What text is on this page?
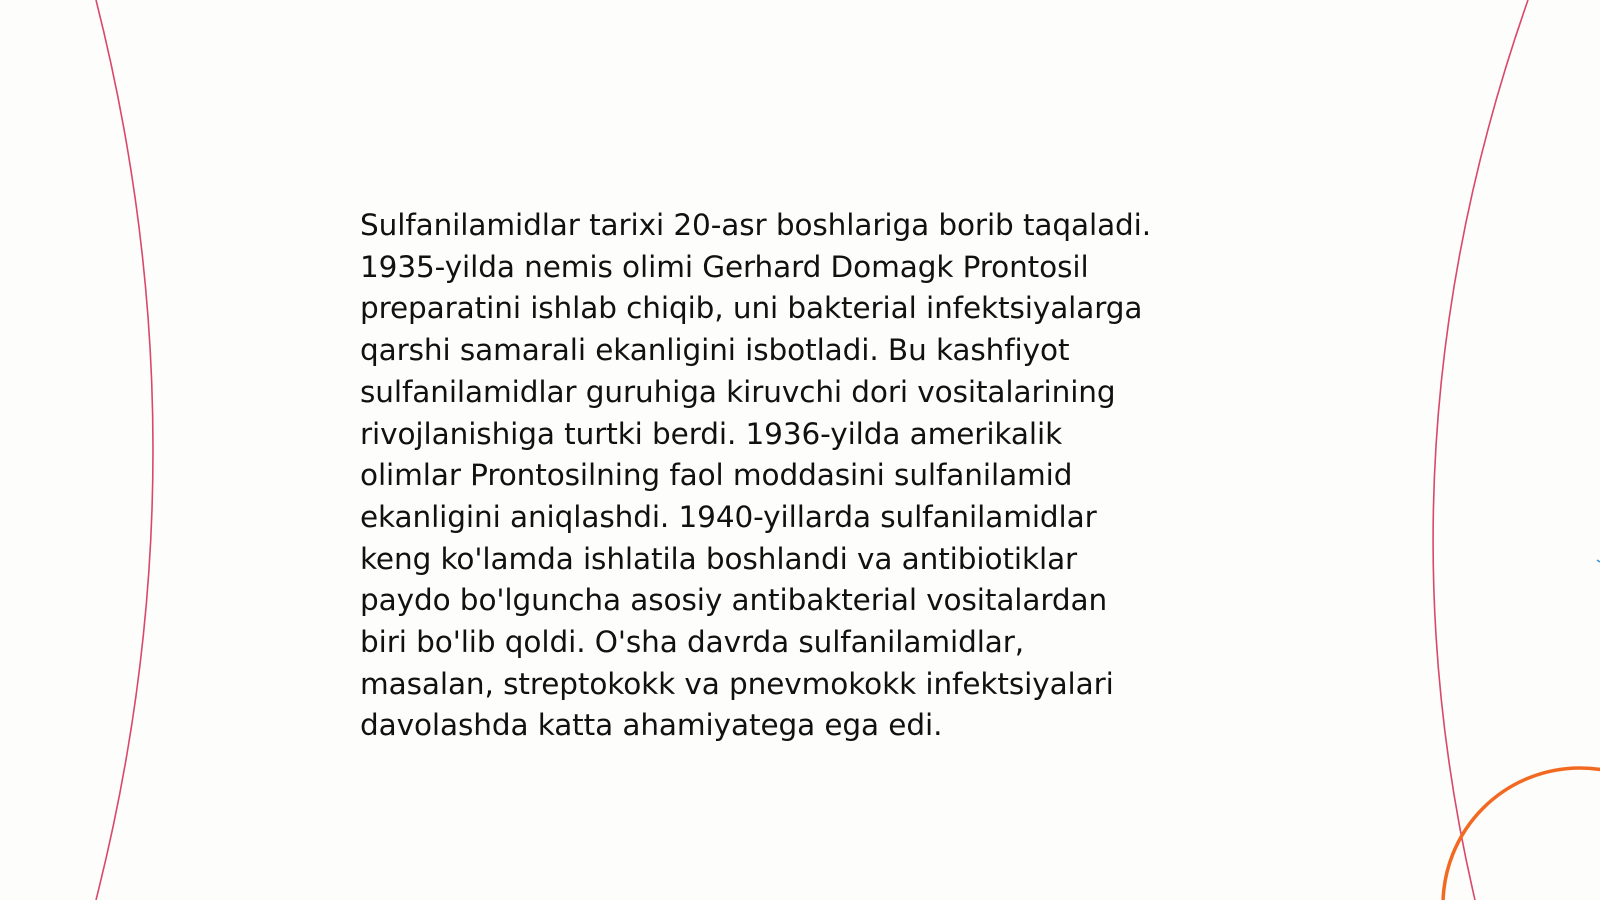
Sulfanilamidlar tarixi 20-asr boshlariga borib taqaladi.
1935-yilda nemis olimi Gerhard Domagk Prontosil
preparatini ishlab chiqib, uni bakterial infektsiyalarga
qarshi samarali ekanligini isbotladi. Bu kashfiyot
sulfanilamidlar guruhiga kiruvchi dori vositalarining
rivojlanishiga turtki berdi. 1936-yilda amerikalik
olimlar Prontosilning faol moddasini sulfanilamid
ekanligini aniqlashdi. 1940-yillarda sulfanilamidlar
keng ko'lamda ishlatila boshlandi va antibiotiklar
paydo bo'lguncha asosiy antibakterial vositalardan
biri bo'lib qoldi. O'sha davrda sulfanilamidlar,
masalan, streptokokk va pnevmokokk infektsiyalari
davolashda katta ahamiyatega ega edi.
